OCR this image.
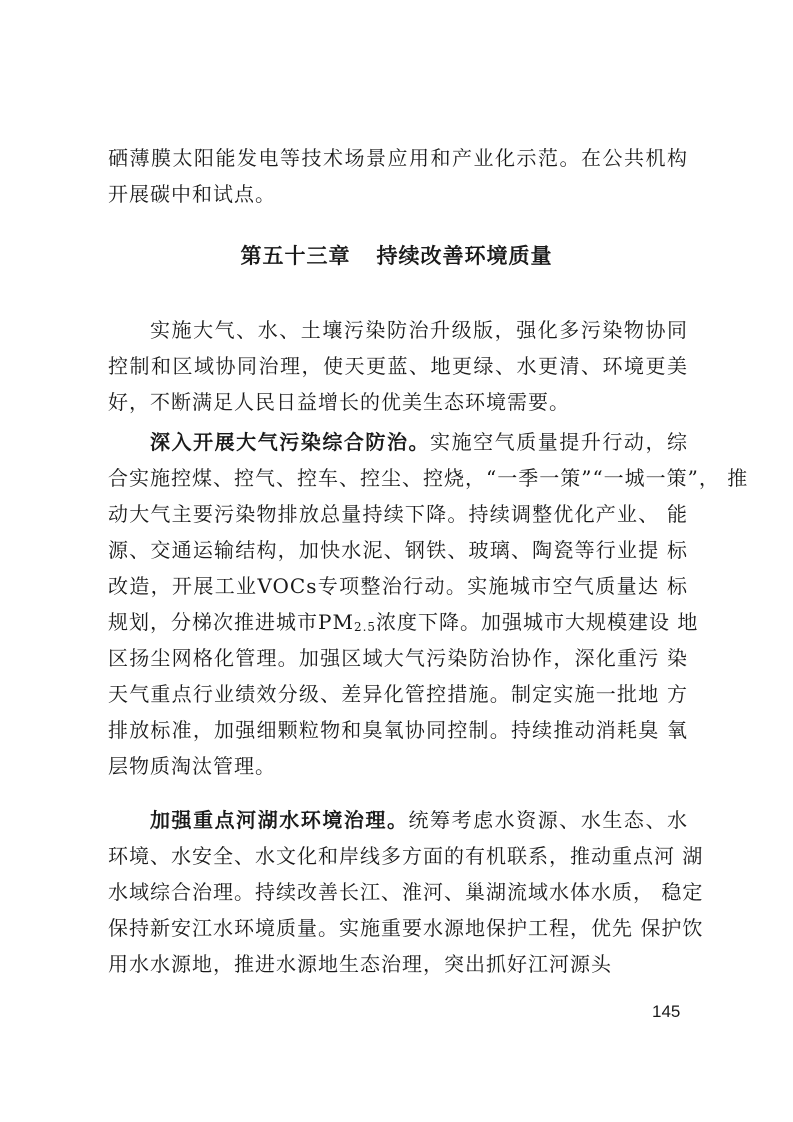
硒薄膜太阳能发电等技术场景应用和产业化示范。在公共机构
开展碳中和试点。
第五十三章 持续改善环境质量
实施大气、水、土壤污染防治升级版，强化多污染物协同
控制和区域协同治理，使天更蓝、地更绿、水更清、环境更美
好，不断满足人民日益增长的优美生态环境需要。
深入开展大气污染综合防治。实施空气质量提升行动，综
合实施控煤、控气、控车、控尘、控烧，“一季一策”“一城一策”， 推
动大气主要污染物排放总量持续下降。持续调整优化产业、 能
源、交通运输结构，加快水泥、钢铁、玻璃、陶瓷等行业提 标
改造，开展工业VOCs专项整治行动。实施城市空气质量达 标
规划，分梯次推进城市$PM_{2.5}$浓度下降。加强城市大规模建设 地
区扬尘网格化管理。加强区域大气污染防治协作，深化重污 染
天气重点行业绩效分级、差异化管控措施。制定实施一批地 方
排放标准，加强细颗粒物和臭氧协同控制。持续推动消耗臭 氧
层物质淘汰管理。
加强重点河湖水环境治理。统筹考虑水资源、水生态、水
环境、水安全、水文化和岸线多方面的有机联系，推动重点河 湖
水域综合治理。持续改善长江、淮河、巢湖流域水体水质， 稳定
保持新安江水环境质量。实施重要水源地保护工程，优先 保护饮
用水水源地，推进水源地生态治理，突出抓好江河源头
145
